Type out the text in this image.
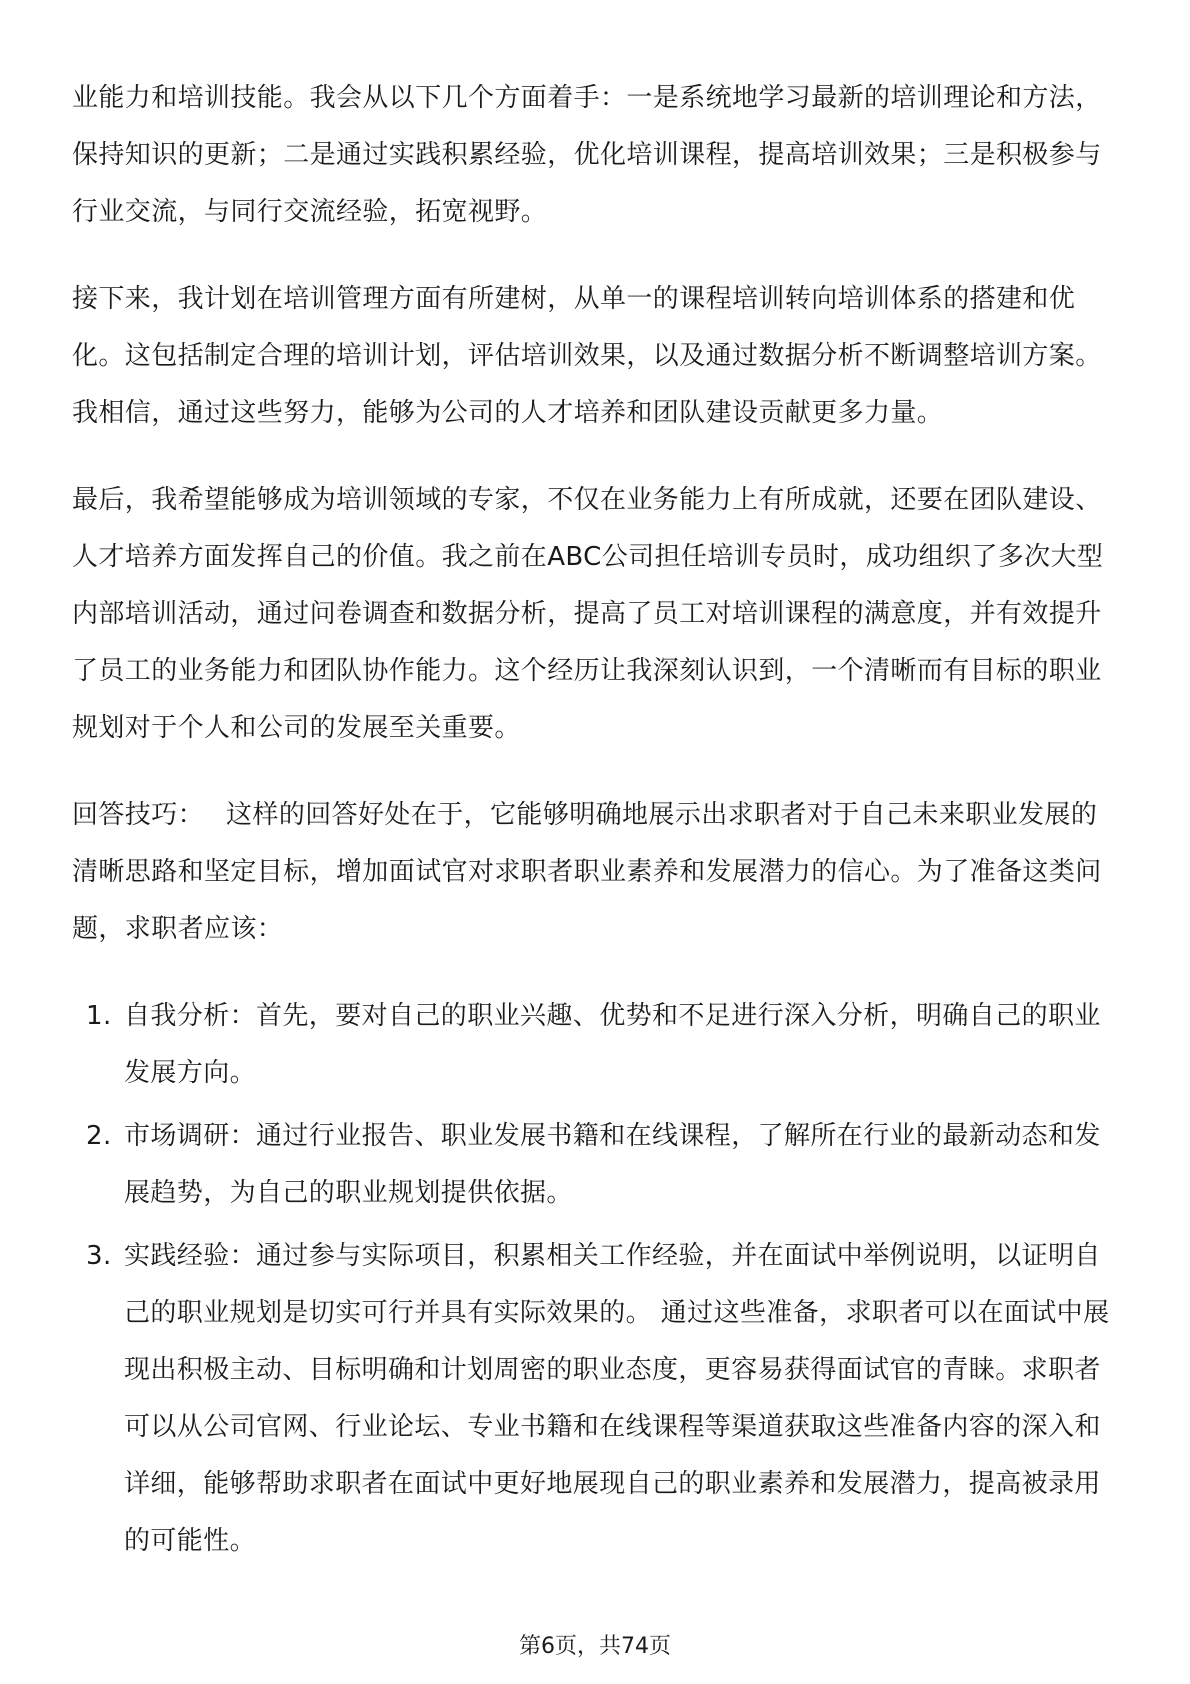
业能力和培训技能。我会从以下几个方面着手：一是系统地学习最新的培训理论和方法，保持知识的更新；二是通过实践积累经验，优化培训课程，提高培训效果；三是积极参与行业交流，与同行交流经验，拓宽视野。

接下来，我计划在培训管理方面有所建树，从单一的课程培训转向培训体系的搭建和优化。这包括制定合理的培训计划，评估培训效果，以及通过数据分析不断调整培训方案。我相信，通过这些努力，能够为公司的人才培养和团队建设贡献更多力量。

最后，我希望能够成为培训领域的专家，不仅在业务能力上有所成就，还要在团队建设、人才培养方面发挥自己的价值。我之前在ABC公司担任培训专员时，成功组织了多次大型内部培训活动，通过问卷调查和数据分析，提高了员工对培训课程的满意度，并有效提升了员工的业务能力和团队协作能力。这个经历让我深刻认识到，一个清晰而有目标的职业规划对于个人和公司的发展至关重要。

回答技巧： 这样的回答好处在于，它能够明确地展示出求职者对于自己未来职业发展的清晰思路和坚定目标，增加面试官对求职者职业素养和发展潜力的信心。为了准备这类问题，求职者应该：

1. 自我分析：首先，要对自己的职业兴趣、优势和不足进行深入分析，明确自己的职业发展方向。
2. 市场调研：通过行业报告、职业发展书籍和在线课程，了解所在行业的最新动态和发展趋势，为自己的职业规划提供依据。
3. 实践经验：通过参与实际项目，积累相关工作经验，并在面试中举例说明，以证明自己的职业规划是切实可行并具有实际效果的。 通过这些准备，求职者可以在面试中展现出积极主动、目标明确和计划周密的职业态度，更容易获得面试官的青睐。求职者可以从公司官网、行业论坛、专业书籍和在线课程等渠道获取这些准备内容的深入和详细，能够帮助求职者在面试中更好地展现自己的职业素养和发展潜力，提高被录用的可能性。
第6页，共74页
